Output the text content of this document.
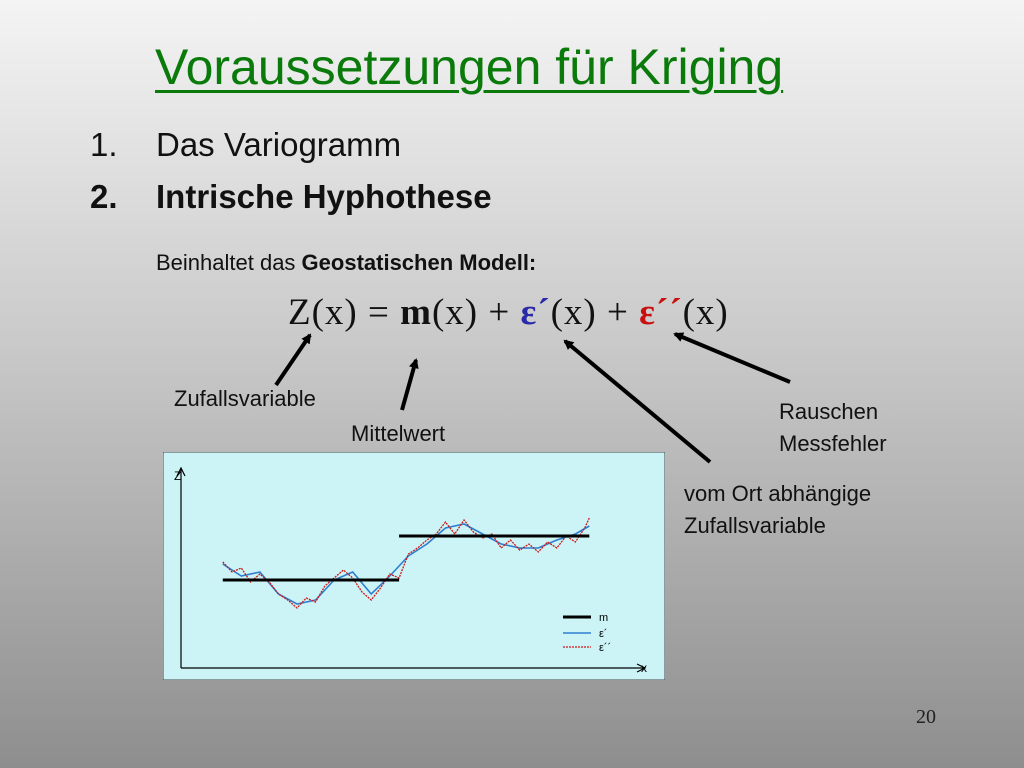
Voraussetzungen für Kriging
1. Das Variogramm
2. Intrische Hyphothese
Beinhaltet das Geostatischen Modell:
Z(x) = m(x) + ε´(x) + ε´´(x)
Zufallsvariable
Mittelwert
Rauschen
Messfehler
vom Ort abhängige
Zufallsvariable
Z
x
m
ε´
ε´´
20
